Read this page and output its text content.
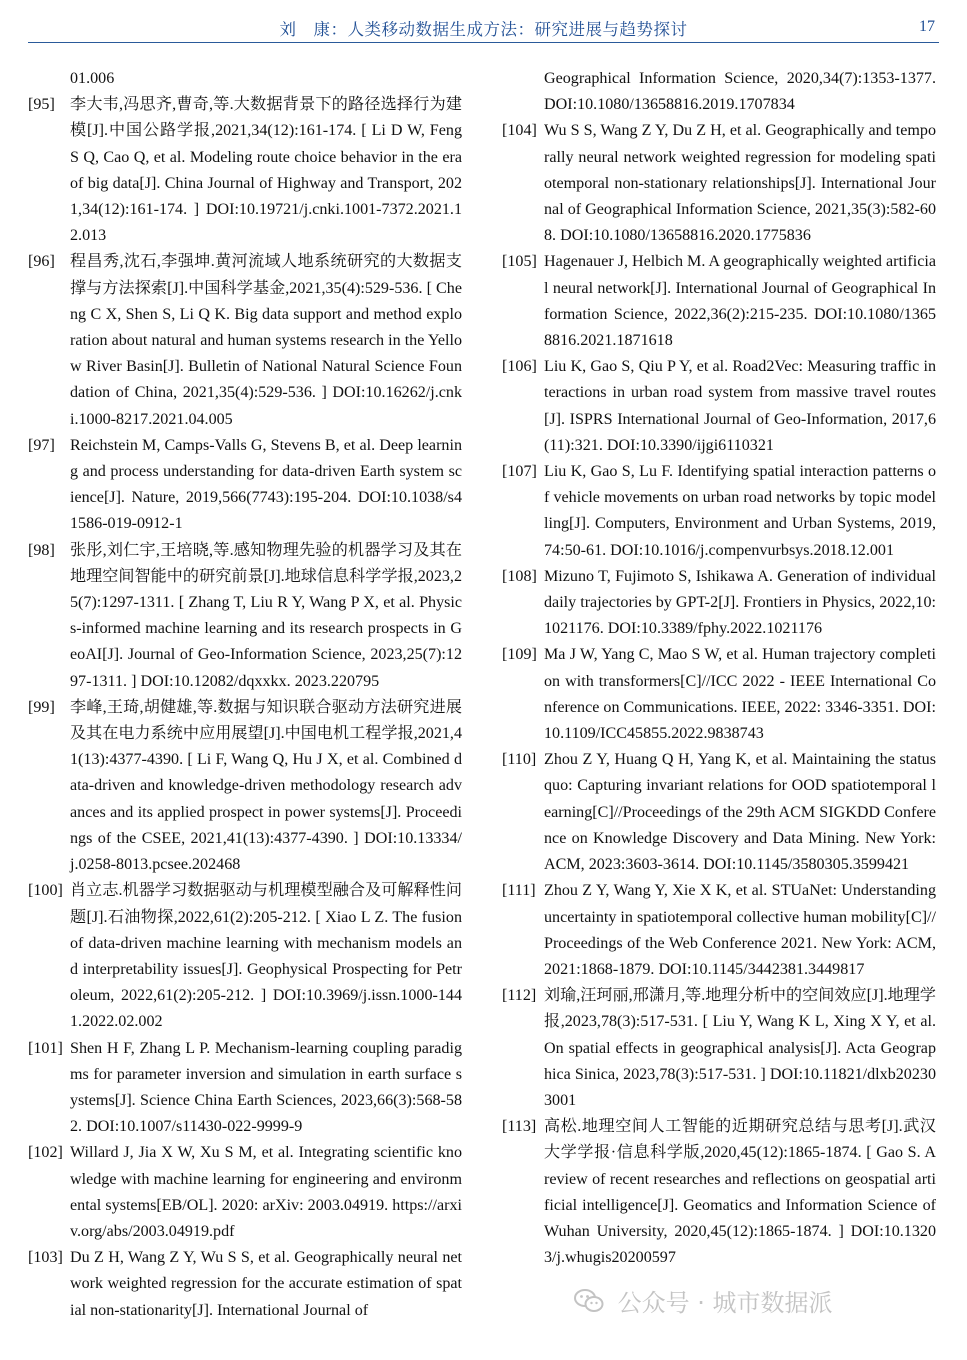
刘　康：人类移动数据生成方法：研究进展与趋势探讨	17
01.006
[95] 李大韦,冯思齐,曹奇,等.大数据背景下的路径选择行为建模[J].中国公路学报,2021,34(12):161-174. [ Li D W, Feng S Q, Cao Q, et al. Modeling route choice behavior in the era of big data[J]. China Journal of Highway and Transport, 2021,34(12):161-174. ] DOI:10.19721/j.cnki.1001-7372.2021.12.013
[96] 程昌秀,沈石,李强坤.黄河流域人地系统研究的大数据支撑与方法探索[J].中国科学基金,2021,35(4):529-536. [ Cheng C X, Shen S, Li Q K. Big data support and method exploration about natural and human systems research in the Yellow River Basin[J]. Bulletin of National Natural Science Foundation of China, 2021,35(4):529-536. ] DOI:10.16262/j.cnki.1000-8217.2021.04.005
[97] Reichstein M, Camps-Valls G, Stevens B, et al. Deep learning and process understanding for data-driven Earth system science[J]. Nature, 2019,566(7743):195-204. DOI:10.1038/s41586-019-0912-1
[98] 张彤,刘仁宇,王培晓,等.感知物理先验的机器学习及其在地理空间智能中的研究前景[J].地球信息科学学报,2023,25(7):1297-1311. [ Zhang T, Liu R Y, Wang P X, et al. Physics-informed machine learning and its research prospects in GeoAI[J]. Journal of Geo-Information Science, 2023,25(7):1297-1311. ] DOI:10.12082/dqxxkx. 2023.220795
[99] 李峰,王琦,胡健雄,等.数据与知识联合驱动方法研究进展及其在电力系统中应用展望[J].中国电机工程学报,2021,41(13):4377-4390. [ Li F, Wang Q, Hu J X, et al. Combined data-driven and knowledge-driven methodology research advances and its applied prospect in power systems[J]. Proceedings of the CSEE, 2021,41(13):4377-4390. ] DOI:10.13334/j.0258-8013.pcsee.202468
[100] 肖立志.机器学习数据驱动与机理模型融合及可解释性问题[J].石油物探,2022,61(2):205-212. [ Xiao L Z. The fusion of data-driven machine learning with mechanism models and interpretability issues[J]. Geophysical Prospecting for Petroleum, 2022,61(2):205-212. ] DOI:10.3969/j.issn.1000-1441.2022.02.002
[101] Shen H F, Zhang L P. Mechanism-learning coupling paradigms for parameter inversion and simulation in earth surface systems[J]. Science China Earth Sciences, 2023,66(3):568-582. DOI:10.1007/s11430-022-9999-9
[102] Willard J, Jia X W, Xu S M, et al. Integrating scientific knowledge with machine learning for engineering and environmental systems[EB/OL]. 2020: arXiv: 2003.04919. https://arxiv.org/abs/2003.04919.pdf
[103] Du Z H, Wang Z Y, Wu S S, et al. Geographically neural network weighted regression for the accurate estimation of spatial non-stationarity[J]. International Journal of
Geographical Information Science, 2020,34(7):1353-1377. DOI:10.1080/13658816.2019.1707834
[104] Wu S S, Wang Z Y, Du Z H, et al. Geographically and temporally neural network weighted regression for modeling spatiotemporal non-stationary relationships[J]. International Journal of Geographical Information Science, 2021,35(3):582-608. DOI:10.1080/13658816.2020.1775836
[105] Hagenauer J, Helbich M. A geographically weighted artificial neural network[J]. International Journal of Geographical Information Science, 2022,36(2):215-235. DOI:10.1080/13658816.2021.1871618
[106] Liu K, Gao S, Qiu P Y, et al. Road2Vec: Measuring traffic interactions in urban road system from massive travel routes[J]. ISPRS International Journal of Geo-Information, 2017,6(11):321. DOI:10.3390/ijgi6110321
[107] Liu K, Gao S, Lu F. Identifying spatial interaction patterns of vehicle movements on urban road networks by topic modelling[J]. Computers, Environment and Urban Systems, 2019,74:50-61. DOI:10.1016/j.compenvurbsys.2018.12.001
[108] Mizuno T, Fujimoto S, Ishikawa A. Generation of individual daily trajectories by GPT-2[J]. Frontiers in Physics, 2022,10:1021176. DOI:10.3389/fphy.2022.1021176
[109] Ma J W, Yang C, Mao S W, et al. Human trajectory completion with transformers[C]//ICC 2022 - IEEE International Conference on Communications. IEEE, 2022: 3346-3351. DOI:10.1109/ICC45855.2022.9838743
[110] Zhou Z Y, Huang Q H, Yang K, et al. Maintaining the status quo: Capturing invariant relations for OOD spatiotemporal learning[C]//Proceedings of the 29th ACM SIGKDD Conference on Knowledge Discovery and Data Mining. New York: ACM, 2023:3603-3614. DOI:10.1145/3580305.3599421
[111] Zhou Z Y, Wang Y, Xie X K, et al. STUaNet: Understanding uncertainty in spatiotemporal collective human mobility[C]//Proceedings of the Web Conference 2021. New York: ACM, 2021:1868-1879. DOI:10.1145/3442381.3449817
[112] 刘瑜,汪珂丽,邢潇月,等.地理分析中的空间效应[J].地理学报,2023,78(3):517-531. [ Liu Y, Wang K L, Xing X Y, et al. On spatial effects in geographical analysis[J]. Acta Geographica Sinica, 2023,78(3):517-531. ] DOI:10.11821/dlxb202303001
[113] 高松.地理空间人工智能的近期研究总结与思考[J].武汉大学学报·信息科学版,2020,45(12):1865-1874. [ Gao S. A review of recent researches and reflections on geospatial artificial intelligence[J]. Geomatics and Information Science of Wuhan University, 2020,45(12):1865-1874. ] DOI:10.13203/j.whugis20200597
公众号 · 城市数据派
